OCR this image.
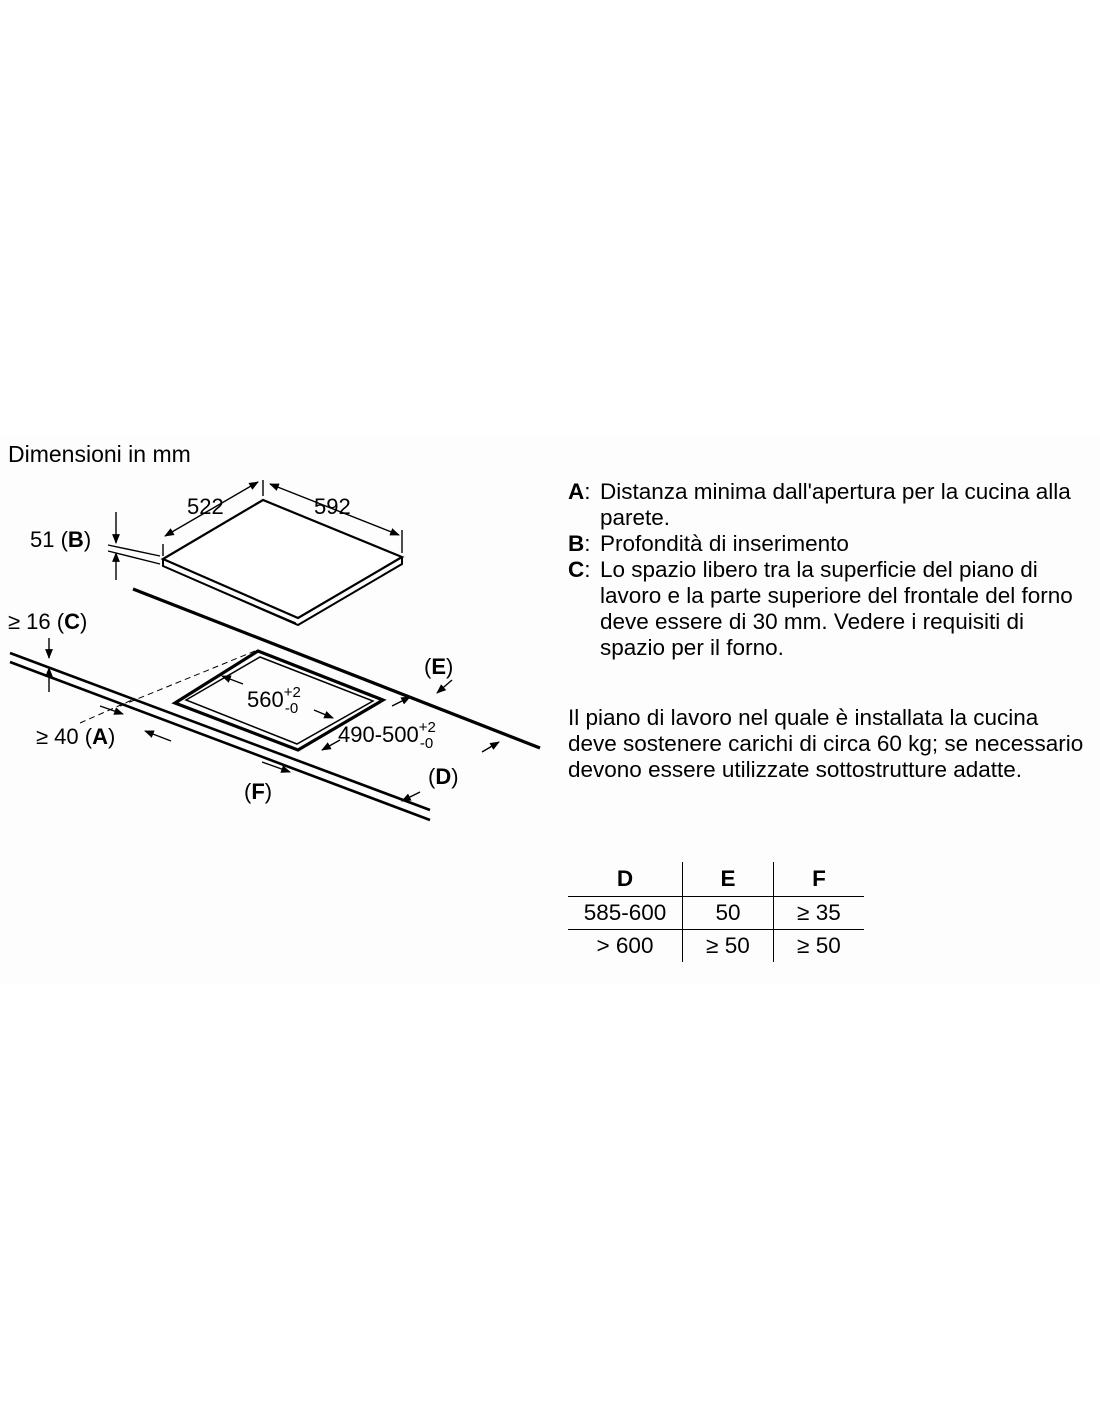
Dimensioni in mm
522	592
51 (B)
$560^{+2}$ -0
$490-500^{+2}$ -0
≥ 16 (C)
≥ 40 (A)
(E)
(D)
(F)
A: Distanza minima dall'apertura per la cucina alla parete.
B: Profondità di inserimento
C: Lo spazio libero tra la superficie del piano di lavoro e la parte superiore del frontale del forno deve essere di 30 mm. Vedere i requisiti di spazio per il forno.
Il piano di lavoro nel quale è installata la cucina deve sostenere carichi di circa 60 kg; se necessario devono essere utilizzate sottostrutture adatte.
D	E	F
585-600	50	≥ 35
> 600	≥ 50	≥ 50
